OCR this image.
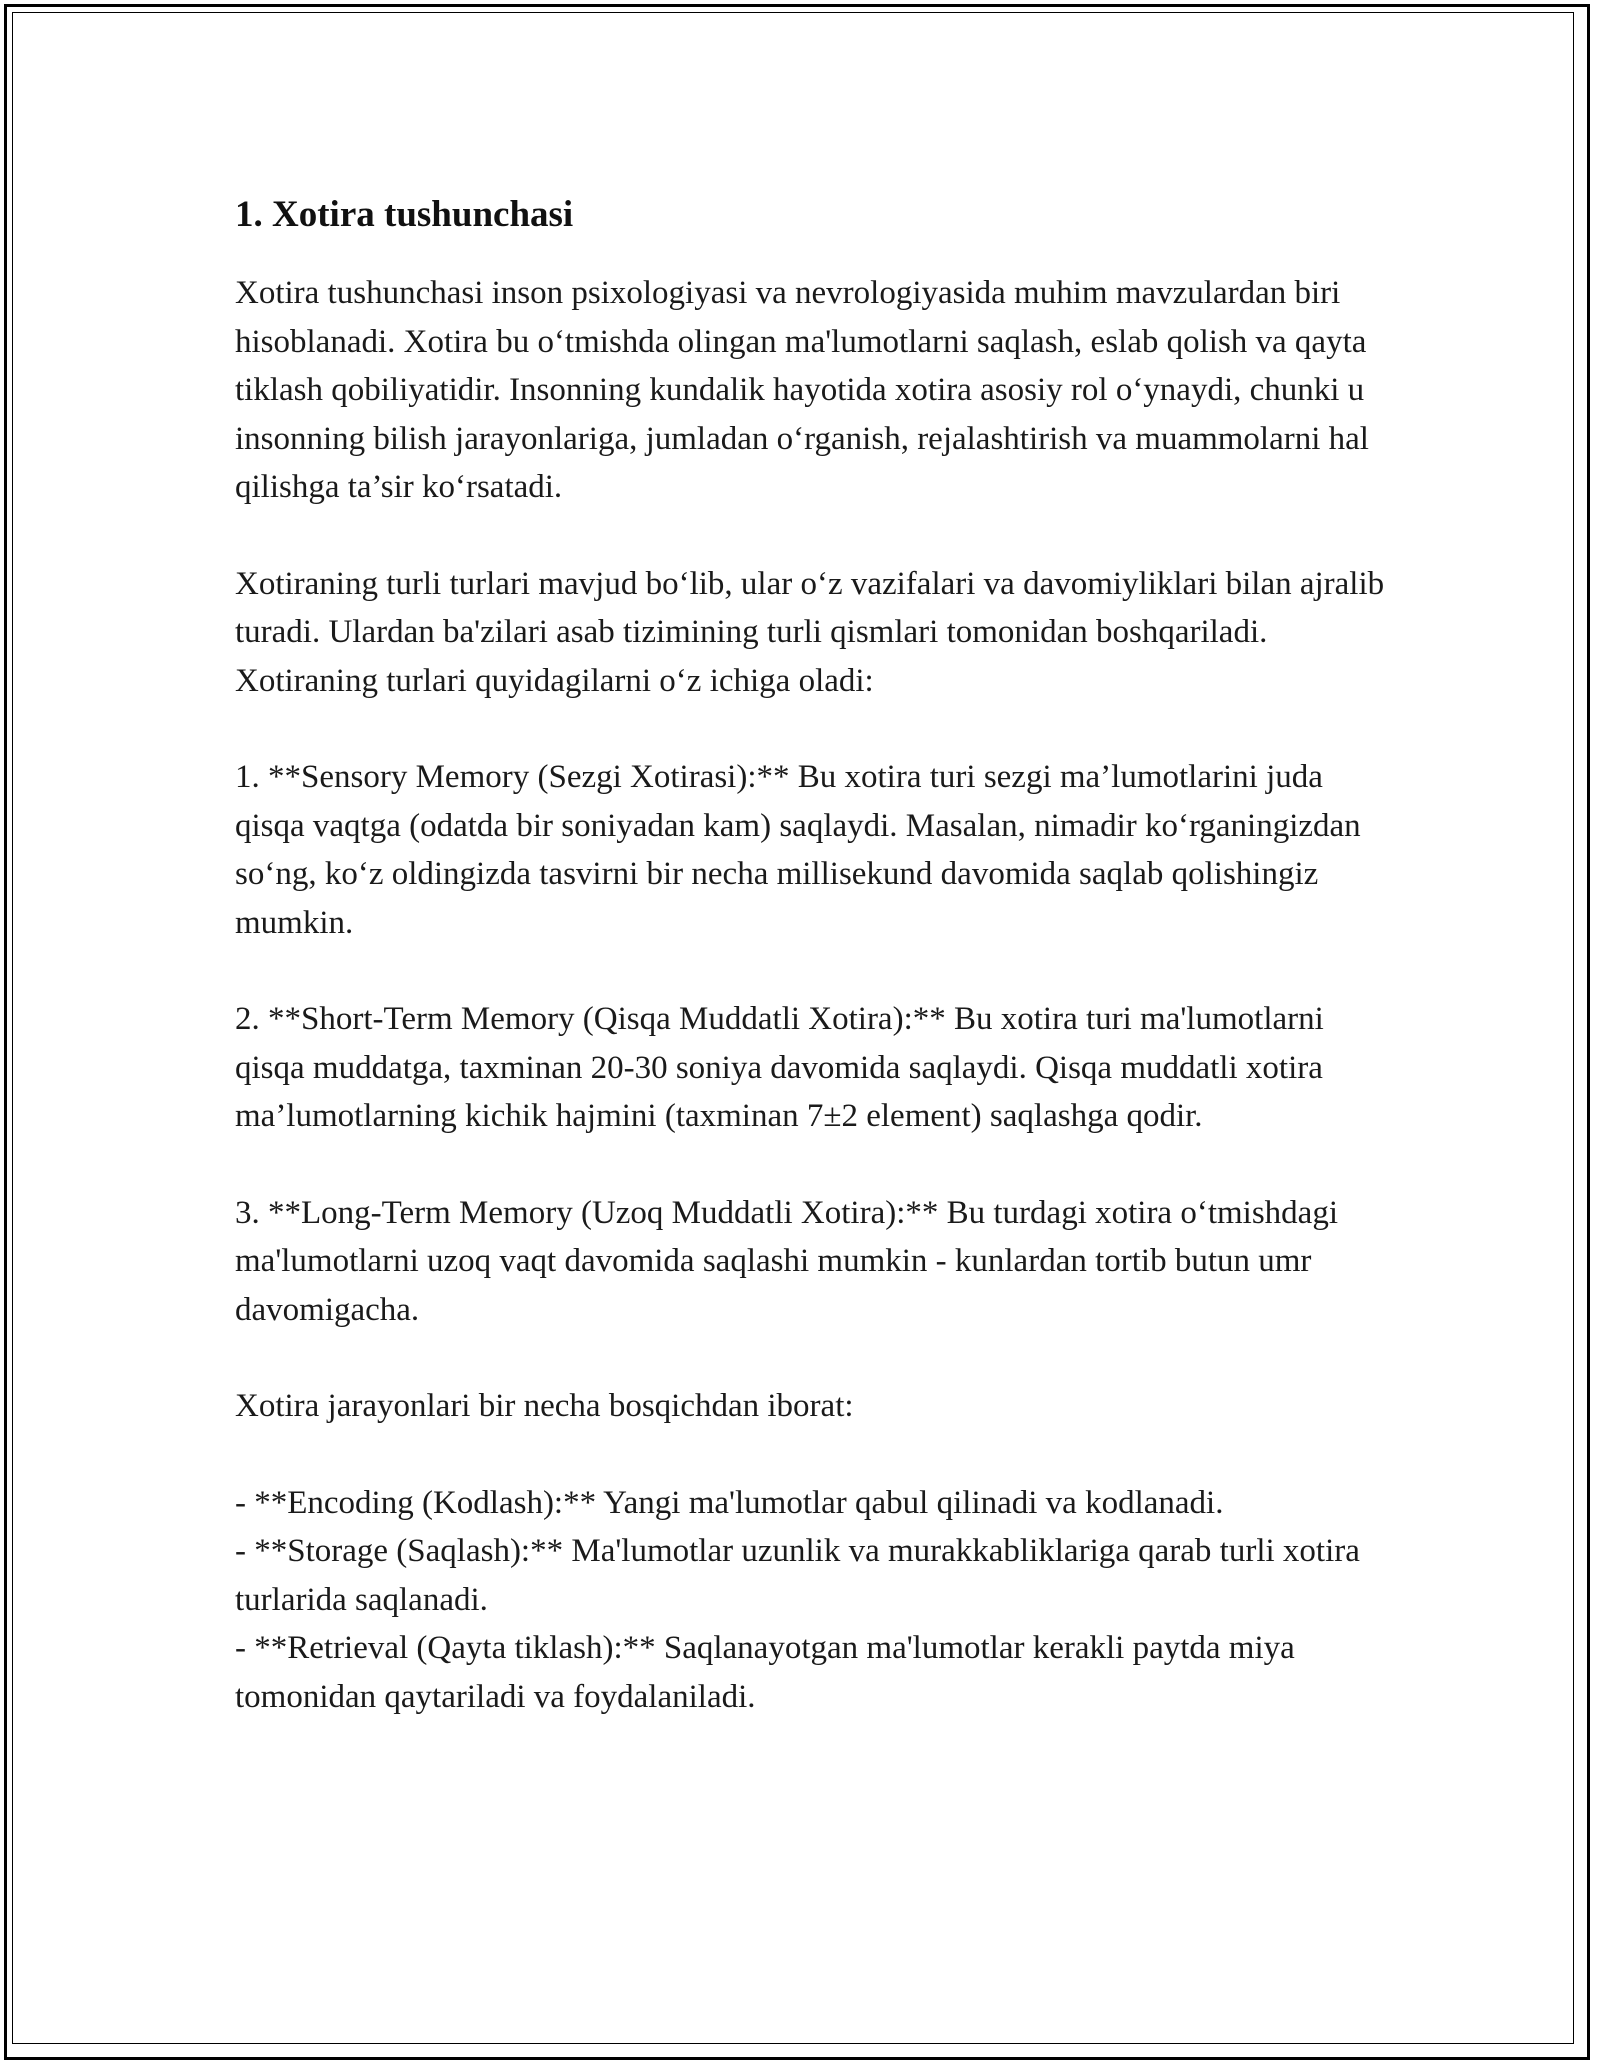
1. Xotira tushunchasi

Xotira tushunchasi inson psixologiyasi va nevrologiyasida muhim mavzulardan biri hisoblanadi. Xotira bu o‘tmishda olingan ma'lumotlarni saqlash, eslab qolish va qayta tiklash qobiliyatidir. Insonning kundalik hayotida xotira asosiy rol o‘ynaydi, chunki u insonning bilish jarayonlariga, jumladan o‘rganish, rejalashtirish va muammolarni hal qilishga ta’sir ko‘rsatadi.

Xotiraning turli turlari mavjud bo‘lib, ular o‘z vazifalari va davomiyliklari bilan ajralib turadi. Ulardan ba'zilari asab tizimining turli qismlari tomonidan boshqariladi. Xotiraning turlari quyidagilarni o‘z ichiga oladi:

1. **Sensory Memory (Sezgi Xotirasi):** Bu xotira turi sezgi ma’lumotlarini juda qisqa vaqtga (odatda bir soniyadan kam) saqlaydi. Masalan, nimadir ko‘rganingizdan so‘ng, ko‘z oldingizda tasvirni bir necha millisekund davomida saqlab qolishingiz mumkin.

2. **Short-Term Memory (Qisqa Muddatli Xotira):** Bu xotira turi ma'lumotlarni qisqa muddatga, taxminan 20-30 soniya davomida saqlaydi. Qisqa muddatli xotira ma’lumotlarning kichik hajmini (taxminan 7±2 element) saqlashga qodir.

3. **Long-Term Memory (Uzoq Muddatli Xotira):** Bu turdagi xotira o‘tmishdagi ma'lumotlarni uzoq vaqt davomida saqlashi mumkin - kunlardan tortib butun umr davomigacha.

Xotira jarayonlari bir necha bosqichdan iborat:

- **Encoding (Kodlash):** Yangi ma'lumotlar qabul qilinadi va kodlanadi.

- **Storage (Saqlash):** Ma'lumotlar uzunlik va murakkabliklariga qarab turli xotira turlarida saqlanadi.

- **Retrieval (Qayta tiklash):** Saqlanayotgan ma'lumotlar kerakli paytda miya tomonidan qaytariladi va foydalaniladi.
